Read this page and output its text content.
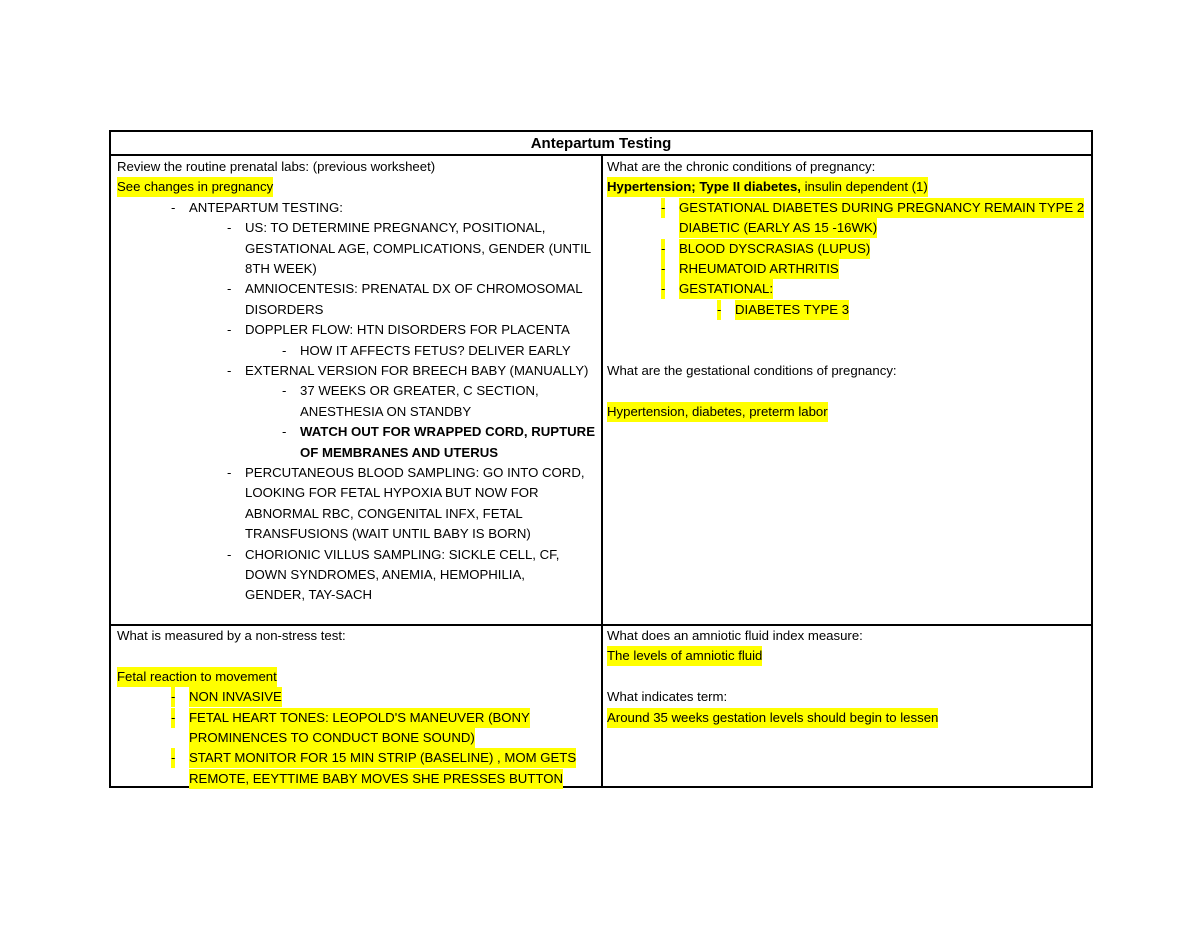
Antepartum Testing
Review the routine prenatal labs: (previous worksheet)
See changes in pregnancy
- ANTEPARTUM TESTING:
- US: TO DETERMINE PREGNANCY, POSITIONAL,
GESTATIONAL AGE, COMPLICATIONS, GENDER (UNTIL
8TH WEEK)
- AMNIOCENTESIS: PRENATAL DX OF CHROMOSOMAL
DISORDERS
- DOPPLER FLOW: HTN DISORDERS FOR PLACENTA
- HOW IT AFFECTS FETUS? DELIVER EARLY
- EXTERNAL VERSION FOR BREECH BABY (MANUALLY)
- 37 WEEKS OR GREATER, C SECTION,
ANESTHESIA ON STANDBY
- WATCH OUT FOR WRAPPED CORD, RUPTURE
OF MEMBRANES AND UTERUS
- PERCUTANEOUS BLOOD SAMPLING: GO INTO CORD,
LOOKING FOR FETAL HYPOXIA BUT NOW FOR
ABNORMAL RBC, CONGENITAL INFX, FETAL
TRANSFUSIONS (WAIT UNTIL BABY IS BORN)
- CHORIONIC VILLUS SAMPLING: SICKLE CELL, CF,
DOWN SYNDROMES, ANEMIA, HEMOPHILIA,
GENDER, TAY-SACH
What are the chronic conditions of pregnancy:
Hypertension; Type II diabetes, insulin dependent (1)
- GESTATIONAL DIABETES DURING PREGNANCY REMAIN TYPE 2
DIABETIC (EARLY AS 15 -16WK)
- BLOOD DYSCRASIAS (LUPUS)
- RHEUMATOID ARTHRITIS
- GESTATIONAL:
- DIABETES TYPE 3
What are the gestational conditions of pregnancy:
Hypertension, diabetes, preterm labor
What is measured by a non-stress test:
Fetal reaction to movement
- NON INVASIVE
- FETAL HEART TONES: LEOPOLD'S MANEUVER (BONY
PROMINENCES TO CONDUCT BONE SOUND)
- START MONITOR FOR 15 MIN STRIP (BASELINE) , MOM GETS
REMOTE, EEYTTIME BABY MOVES SHE PRESSES BUTTON
What does an amniotic fluid index measure:
The levels of amniotic fluid
What indicates term:
Around 35 weeks gestation levels should begin to lessen
